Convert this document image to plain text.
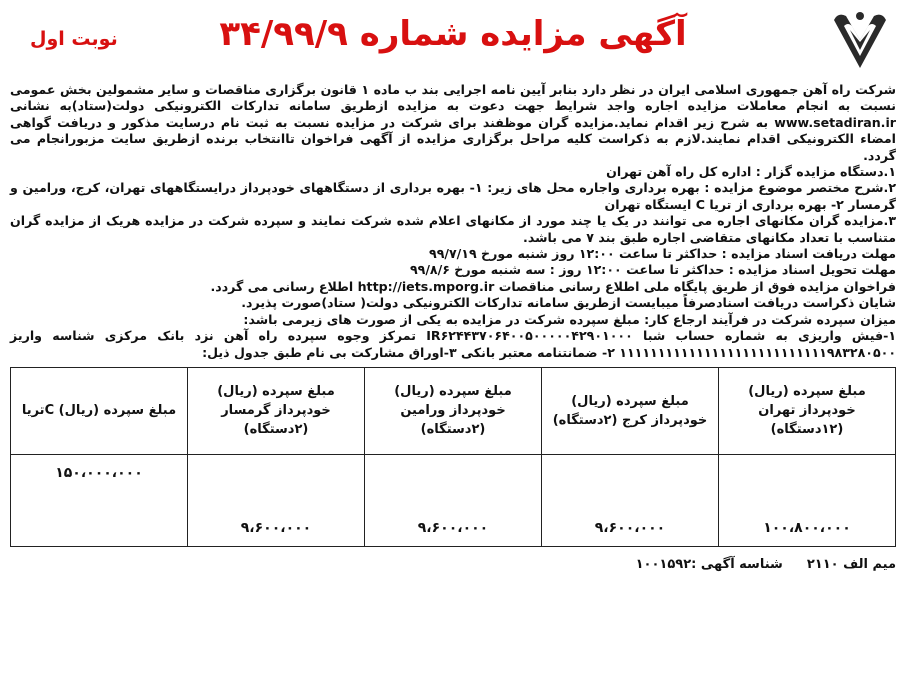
آگهی مزایده شماره ۳۴/۹۹/۹
نوبت اول

شرکت راه آهن جمهوری اسلامی ایران در نظر دارد بنابر آیین نامه اجرایی بند ب ماده ۱ قانون برگزاری مناقصات و سایر مشمولین بخش عمومی نسبت به انجام معاملات مزایده اجاره واجد شرایط جهت دعوت به مزایده ازطریق سامانه تدارکات الکترونیکی دولت(ستاد)به نشانی www.setadiran.ir به شرح زیر اقدام نماید.مزایده گران موظفند برای شرکت در مزایده نسبت به ثبت نام درسایت مذکور و دریافت گواهی امضاء الکترونیکی اقدام نمایند.لازم به ذکراست کلیه مراحل برگزاری مزایده از آگهی فراخوان تاانتخاب برنده ازطریق سایت مزبورانجام می گردد.

۱.دستگاه مزایده گزار : اداره کل راه آهن تهران

۲.شرح مختصر موضوع مزایده : بهره برداری واجاره محل های زیر: ۱- بهره برداری از دستگاههای خودپرداز درایستگاههای تهران، کرج، ورامین و گرمسار ۲- بهره برداری از تریا C ایستگاه تهران

۳.مزایده گران مکانهای اجاره می توانند در یک یا چند مورد از مکانهای اعلام شده شرکت نمایند و سپرده شرکت در مزایده هریک از مزایده گران متناسب با تعداد مکانهای متقاضی اجاره طبق بند ۷ می باشد.

مهلت دریافت اسناد مزایده : حداکثر تا ساعت ۱۲:۰۰ روز شنبه مورخ ۹۹/۷/۱۹

مهلت تحویل اسناد مزایده : حداکثر تا ساعت ۱۲:۰۰ روز : سه شنبه مورخ ۹۹/۸/۶

فراخوان مزایده فوق از طریق پایگاه ملی اطلاع رسانی مناقصات http://iets.mporg.ir اطلاع رسانی می گردد.

شایان ذکراست دریافت اسنادصرفاً میبایست ازطریق سامانه تدارکات الکترونیکی دولت( ستاد)صورت پذیرد.

میزان سپرده شرکت در فرآیند ارجاع کار: مبلغ سپرده شرکت در مزایده به یکی از صورت های زیرمی باشد:

۱-فیش واریزی به شماره حساب شبا IR۶۲۴۴۳۷۰۶۴۰۰۵۰۰۰۰۰۴۲۹۰۱۰۰۰ تمرکز وجوه سپرده راه آهن نزد بانک مرکزی شناسه واریز ۱۱۱۱۱۱۱۱۱۱۱۱۱۱۱۱۱۱۱۱۱۱۱۱۱۱۱۹۸۳۲۸۰۵۰۰ ۲- ضمانتنامه معتبر بانکی ۳-اوراق مشارکت بی نام طبق جدول ذیل:

مبلغ سپرده (ریال) خودپرداز تهران (۱۲دستگاه)	مبلغ سپرده (ریال) خودپرداز کرج (۲دستگاه)	مبلغ سپرده (ریال) خودپرداز ورامین (۲دستگاه)	مبلغ سپرده (ریال) خودپرداز گرمسار (۲دستگاه)	مبلغ سپرده (ریال) Cتریا
۱۰۰،۸۰۰،۰۰۰	۹،۶۰۰،۰۰۰	۹،۶۰۰،۰۰۰	۹،۶۰۰،۰۰۰	۱۵۰،۰۰۰،۰۰۰
شناسه آگهی :۱۰۰۱۵۹۲ میم الف ۲۱۱۰
